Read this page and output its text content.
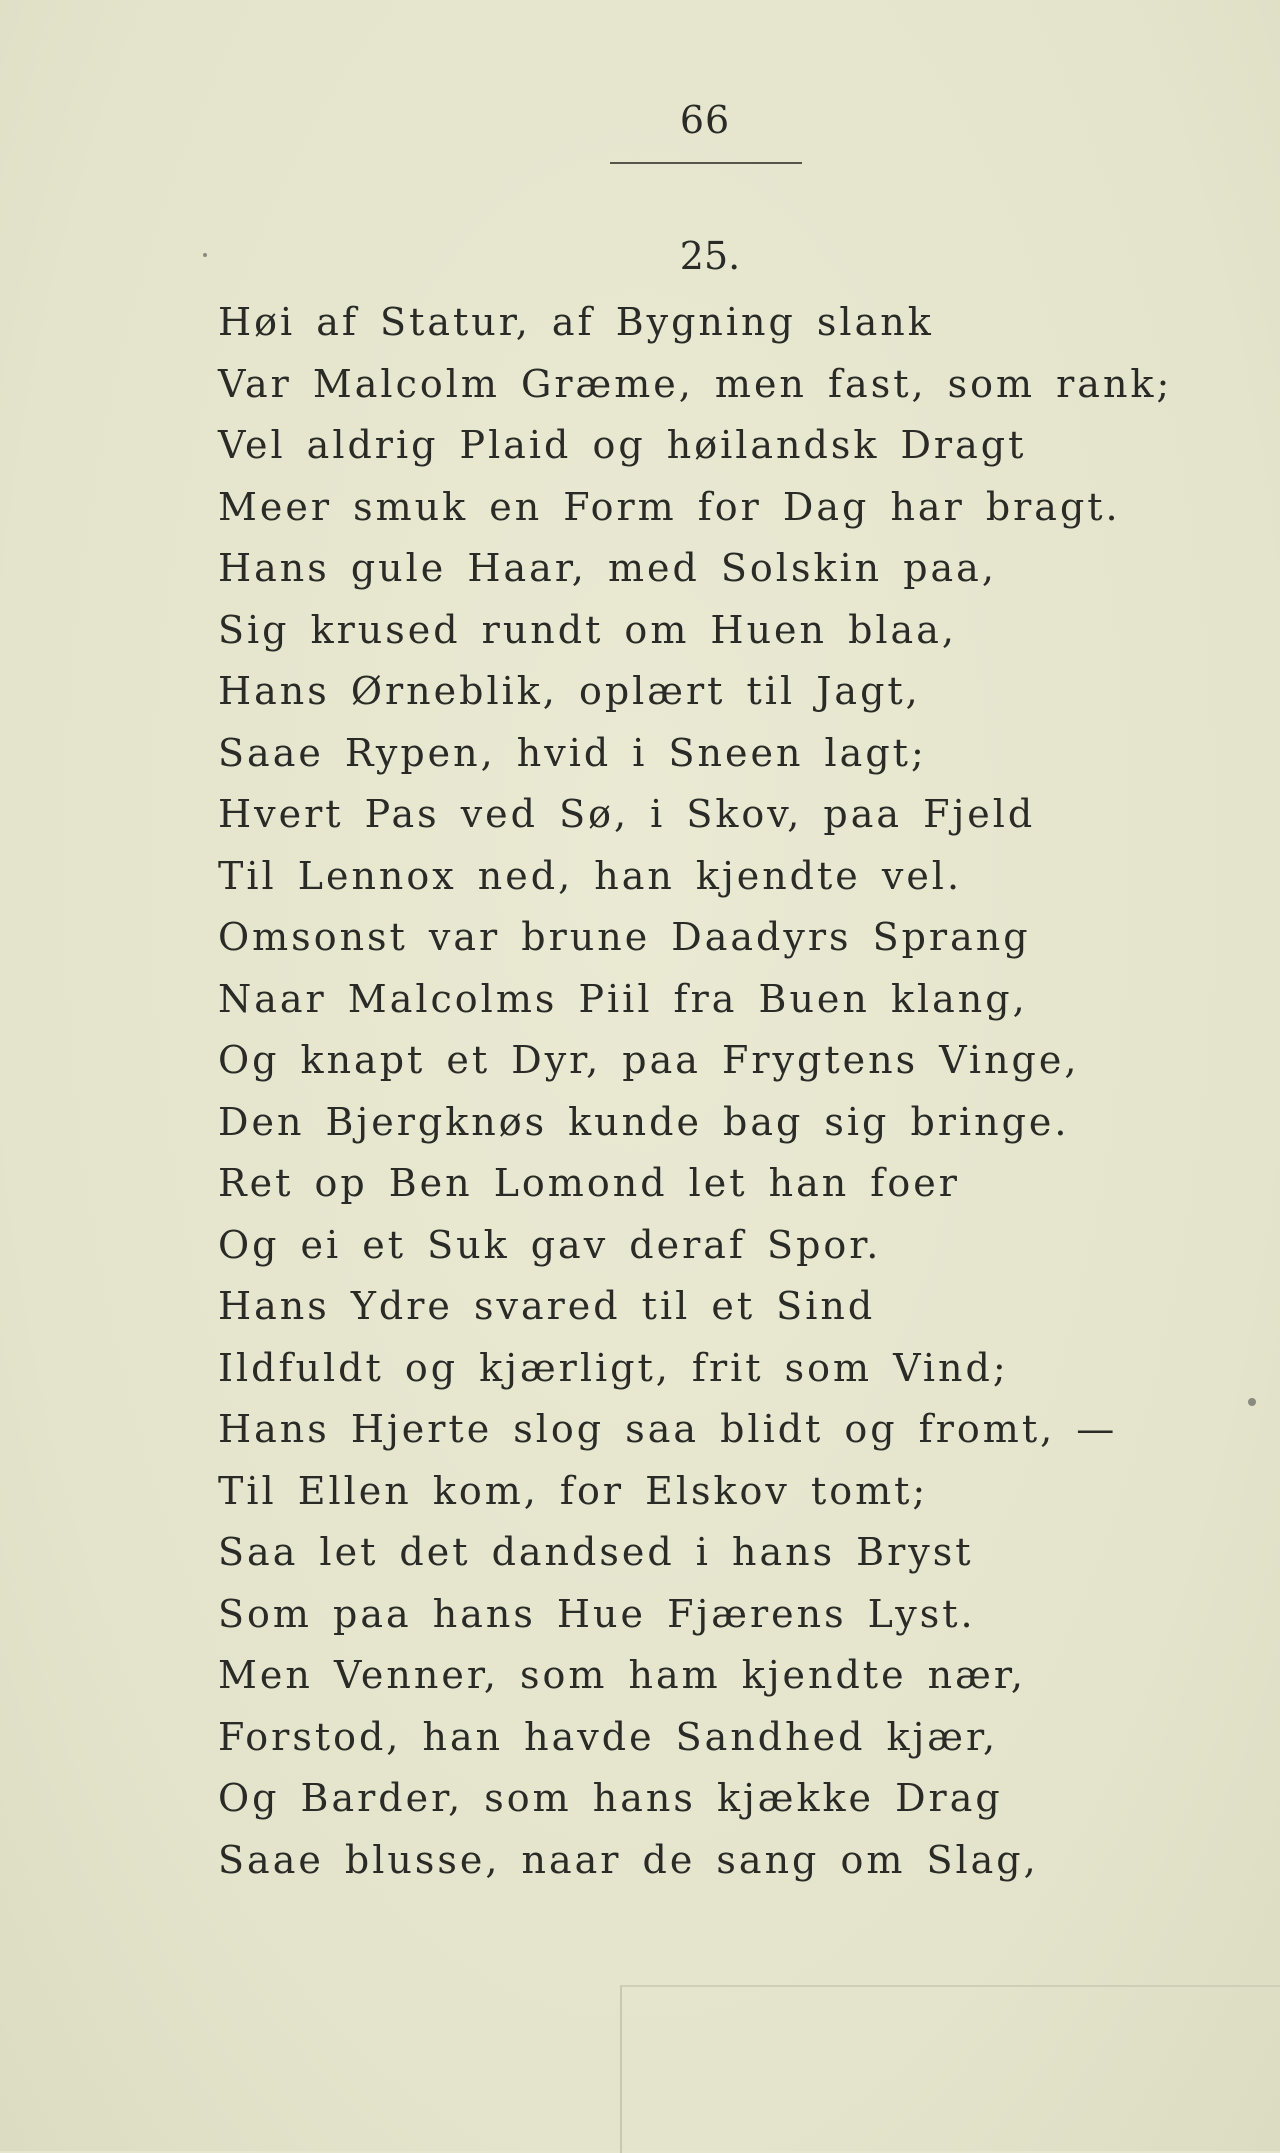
66
25.
Høi af Statur, af Bygning slank
Var Malcolm Græme, men fast, som rank;
Vel aldrig Plaid og høilandsk Dragt
Meer smuk en Form for Dag har bragt.
Hans gule Haar, med Solskin paa,
Sig krused rundt om Huen blaa,
Hans Ørneblik, oplært til Jagt,
Saae Rypen, hvid i Sneen lagt;
Hvert Pas ved Sø, i Skov, paa Fjeld
Til Lennox ned, han kjendte vel.
Omsonst var brune Daadyrs Sprang
Naar Malcolms Piil fra Buen klang,
Og knapt et Dyr, paa Frygtens Vinge,
Den Bjergknøs kunde bag sig bringe.
Ret op Ben Lomond let han foer
Og ei et Suk gav deraf Spor.
Hans Ydre svared til et Sind
Ildfuldt og kjærligt, frit som Vind;
Hans Hjerte slog saa blidt og fromt, —
Til Ellen kom, for Elskov tomt;
Saa let det dandsed i hans Bryst
Som paa hans Hue Fjærens Lyst.
Men Venner, som ham kjendte nær,
Forstod, han havde Sandhed kjær,
Og Barder, som hans kjække Drag
Saae blusse, naar de sang om Slag,
